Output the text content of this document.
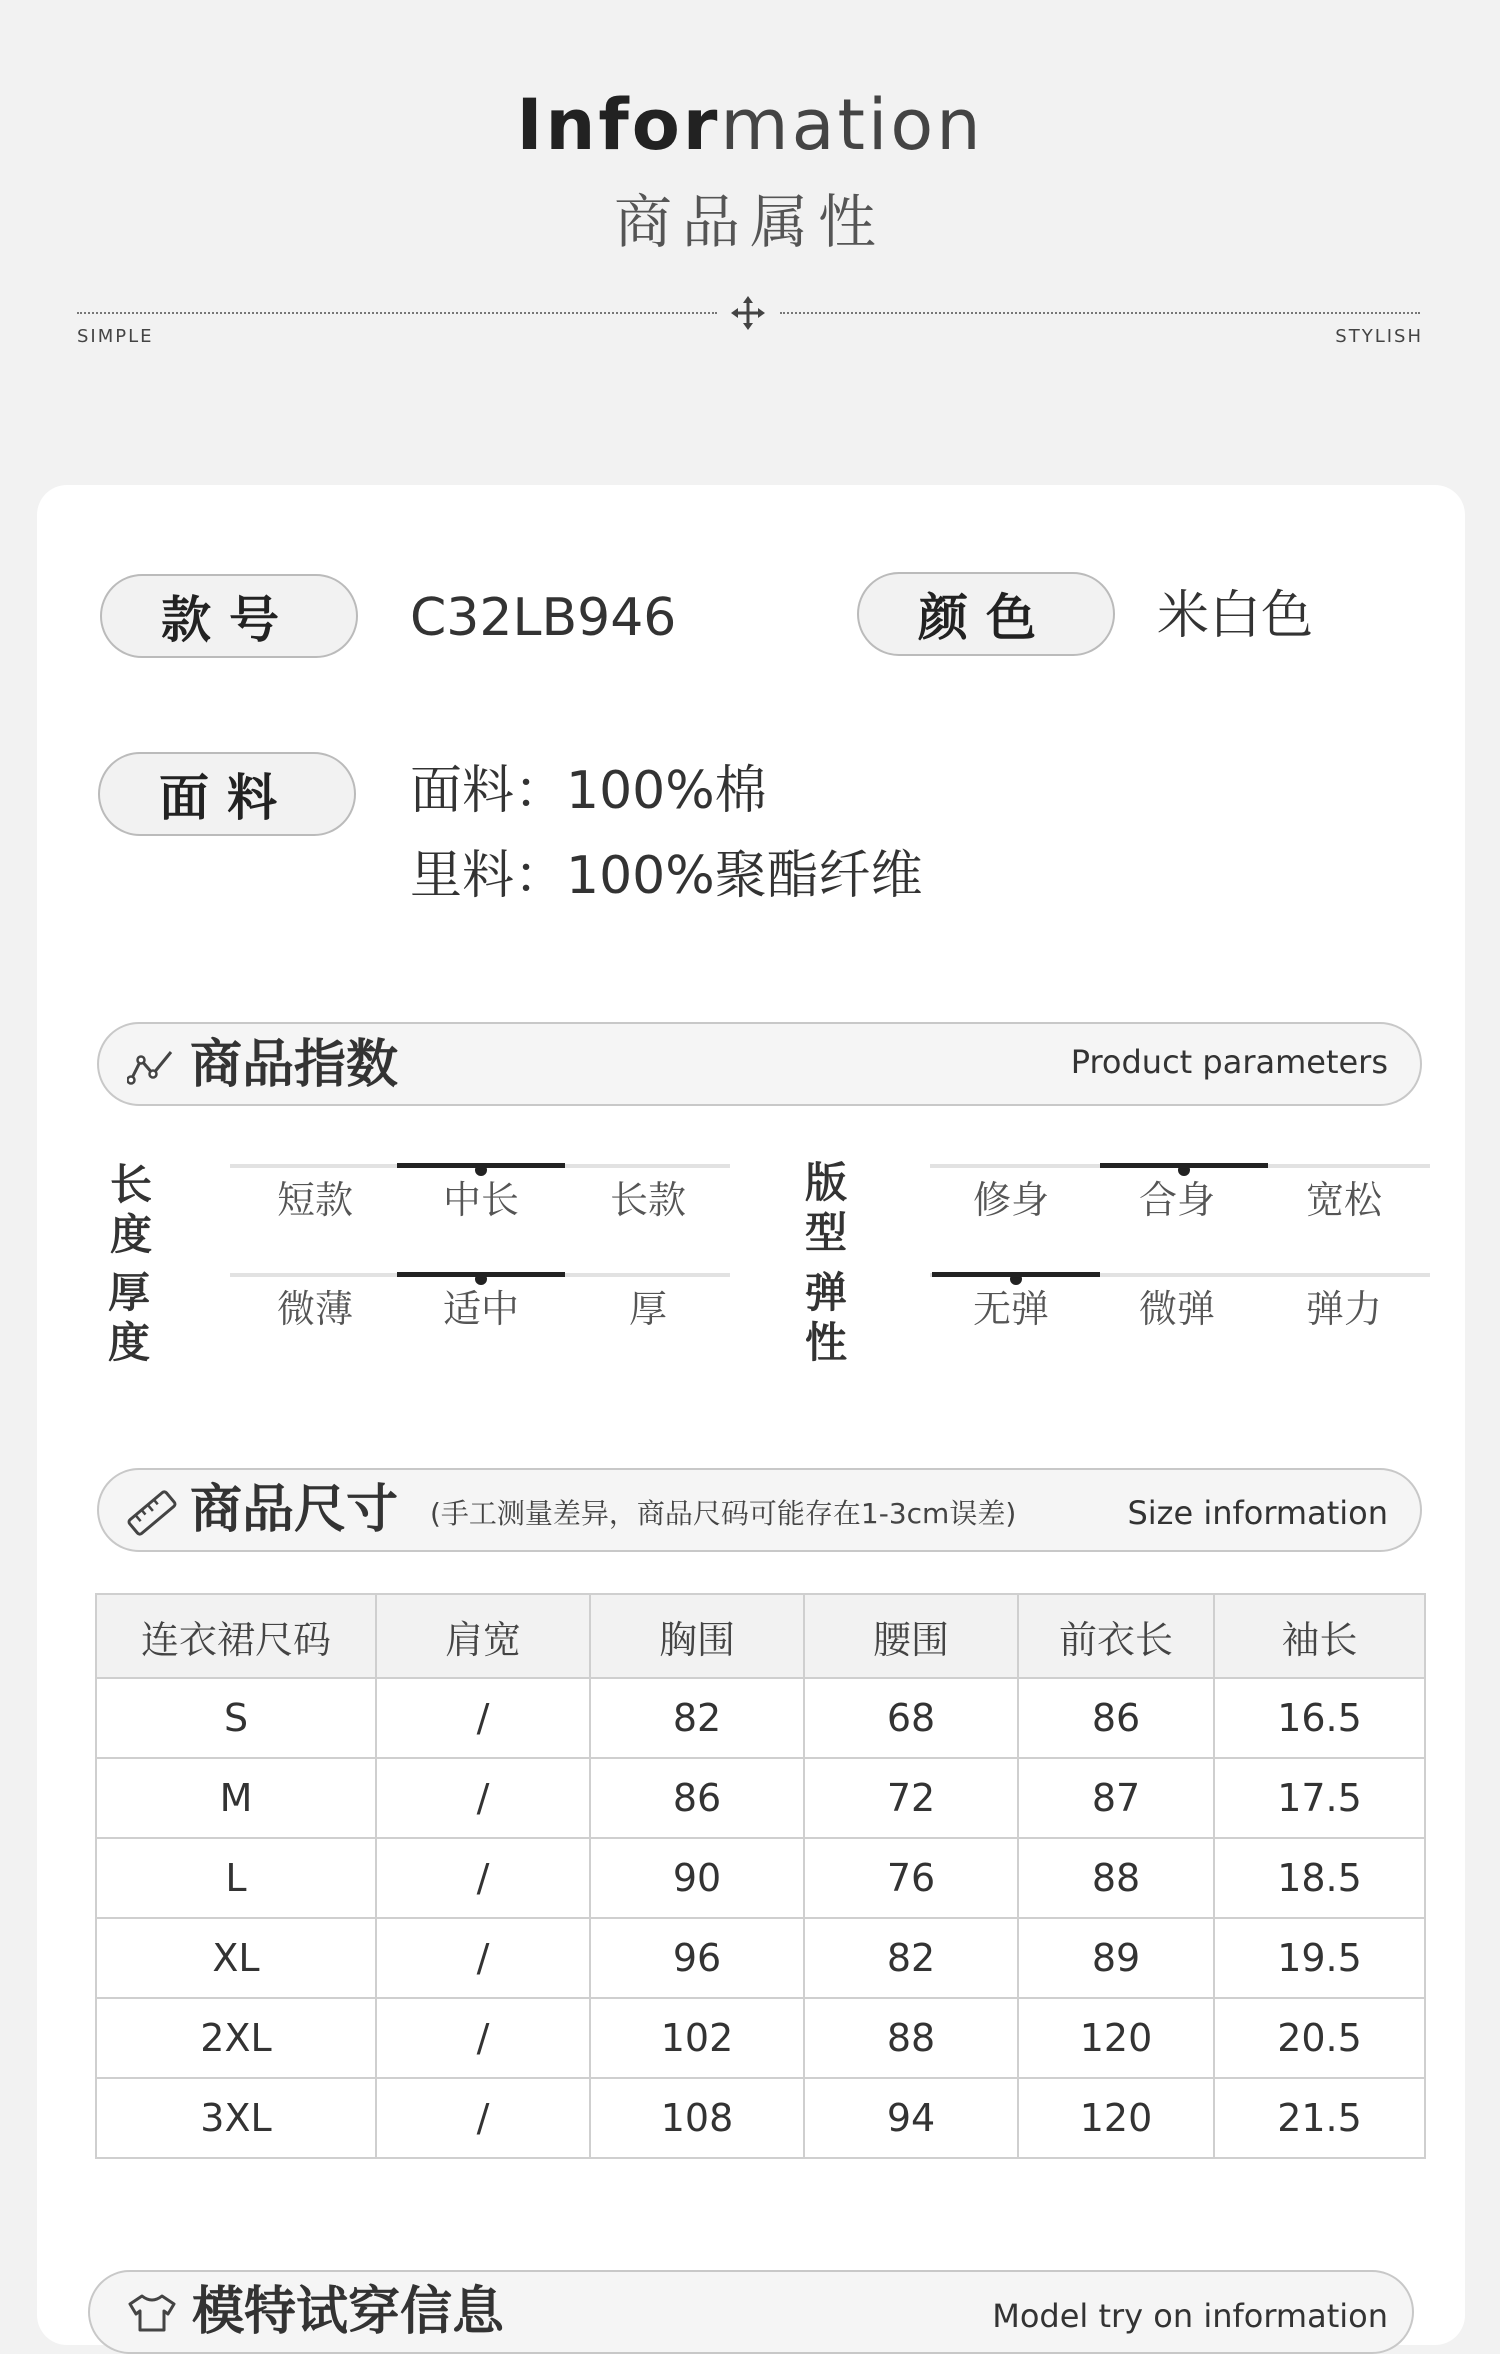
Information
商品属性
SIMPLE	STYLISH
款号	C32LB946	颜色	米白色
面料	面料：100%棉
里料：100%聚酯纤维
商品指数	Product parameters
长度
短款	中长	长款	版型
修身	合身	宽松
厚度
微薄	适中	厚	弹性
无弹	微弹	弹力
商品尺寸 (手工测量差异，商品尺码可能存在1-3cm误差)	Size information
连衣裙尺码	肩宽	胸围	腰围	前衣长	袖长
S	/	82	68	86	16.5
M	/	86	72	87	17.5
L	/	90	76	88	18.5
XL	/	96	82	89	19.5
2XL	/	102	88	120	20.5
3XL	/	108	94	120	21.5
模特试穿信息	Model try on information
